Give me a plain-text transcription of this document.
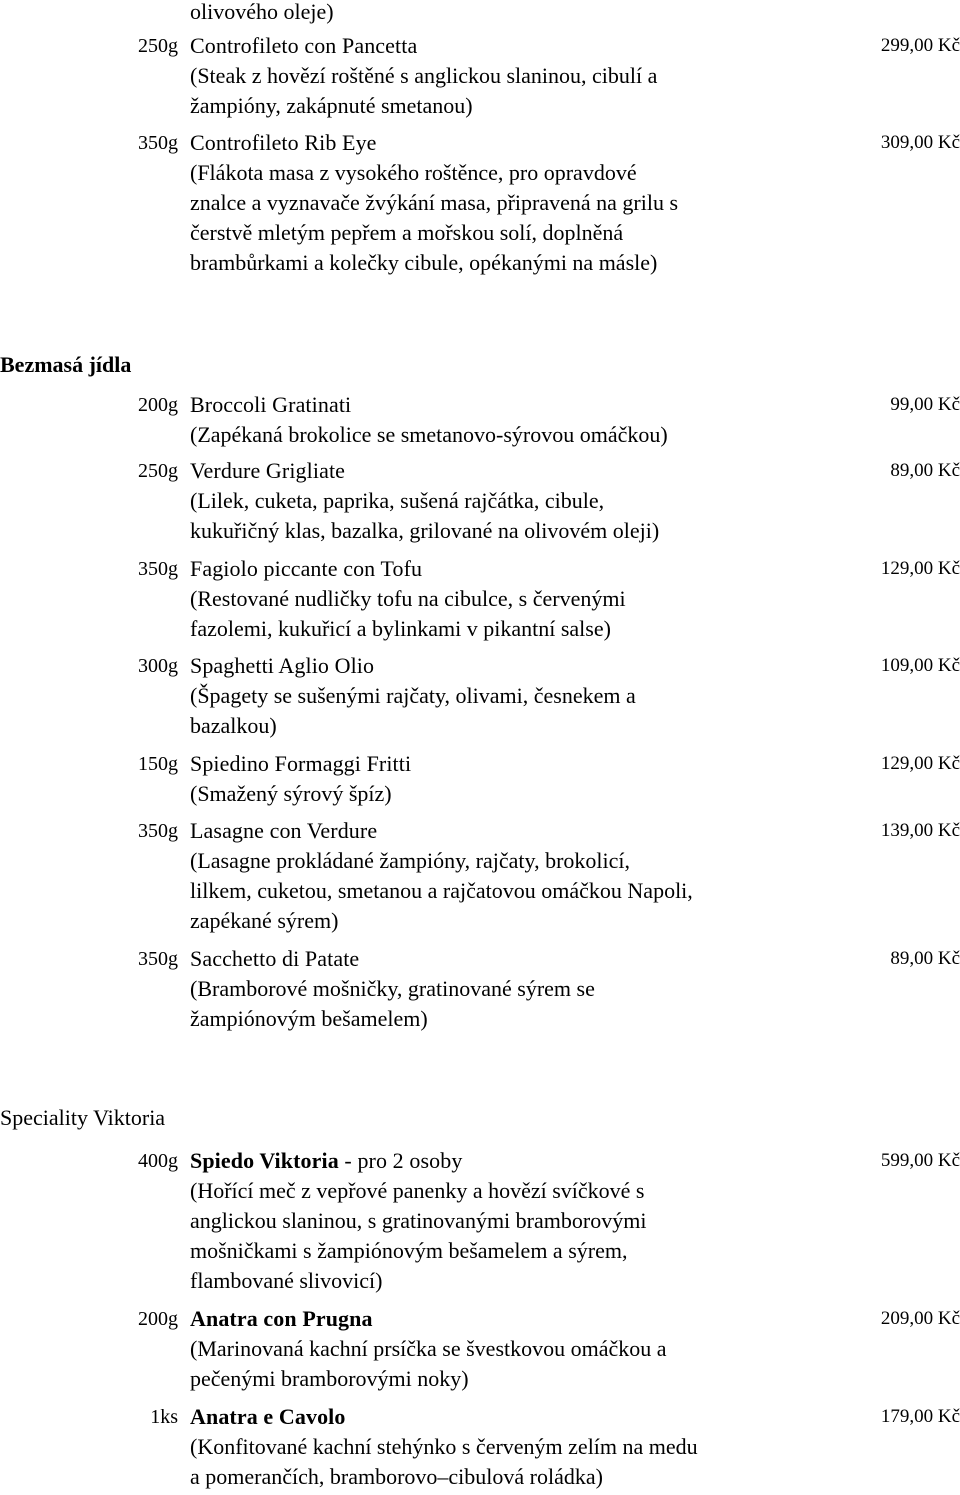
olivového oleje)
250g Controfileto con Pancetta
(Steak z hovězí roštěné s anglickou slaninou, cibulí a
žampióny, zakápnuté smetanou)
299,00 Kč
350g Controfileto Rib Eye
(Flákota masa z vysokého roštěnce, pro opravdové
znalce a vyznavače žvýkání masa, připravená na grilu s
čerstvě mletým pepřem a mořskou solí, doplněná
brambůrkami a kolečky cibule, opékanými na másle)
309,00 Kč
Bezmasá jídla
200g Broccoli Gratinati
(Zapékaná brokolice se smetanovo-sýrovou omáčkou)
99,00 Kč
250g Verdure Grigliate
(Lilek, cuketa, paprika, sušená rajčátka, cibule,
kukuřičný klas, bazalka, grilované na olivovém oleji)
89,00 Kč
350g Fagiolo piccante con Tofu
(Restované nudličky tofu na cibulce, s červenými
fazolemi, kukuřicí a bylinkami v pikantní salse)
129,00 Kč
300g Spaghetti Aglio Olio
(Špagety se sušenými rajčaty, olivami, česnekem a
bazalkou)
109,00 Kč
150g Spiedino Formaggi Fritti
(Smažený sýrový špíz)
129,00 Kč
350g Lasagne con Verdure
(Lasagne prokládané žampióny, rajčaty, brokolicí,
lilkem, cuketou, smetanou a rajčatovou omáčkou Napoli,
zapékané sýrem)
139,00 Kč
350g Sacchetto di Patate
(Bramborové mošničky, gratinované sýrem se
žampiónovým bešamelem)
89,00 Kč
Speciality Viktoria
400g Spiedo Viktoria - pro 2 osoby
(Hořící meč z vepřové panenky a hovězí svíčkové s
anglickou slaninou, s gratinovanými bramborovými
mošničkami s žampiónovým bešamelem a sýrem,
flambované slivovicí)
599,00 Kč
200g Anatra con Prugna
(Marinovaná kachní prsíčka se švestkovou omáčkou a
pečenými bramborovými noky)
209,00 Kč
1ks Anatra e Cavolo
(Konfitované kachní stehýnko s červeným zelím na medu
a pomerančích, bramborovo–cibulová roládka)
179,00 Kč
